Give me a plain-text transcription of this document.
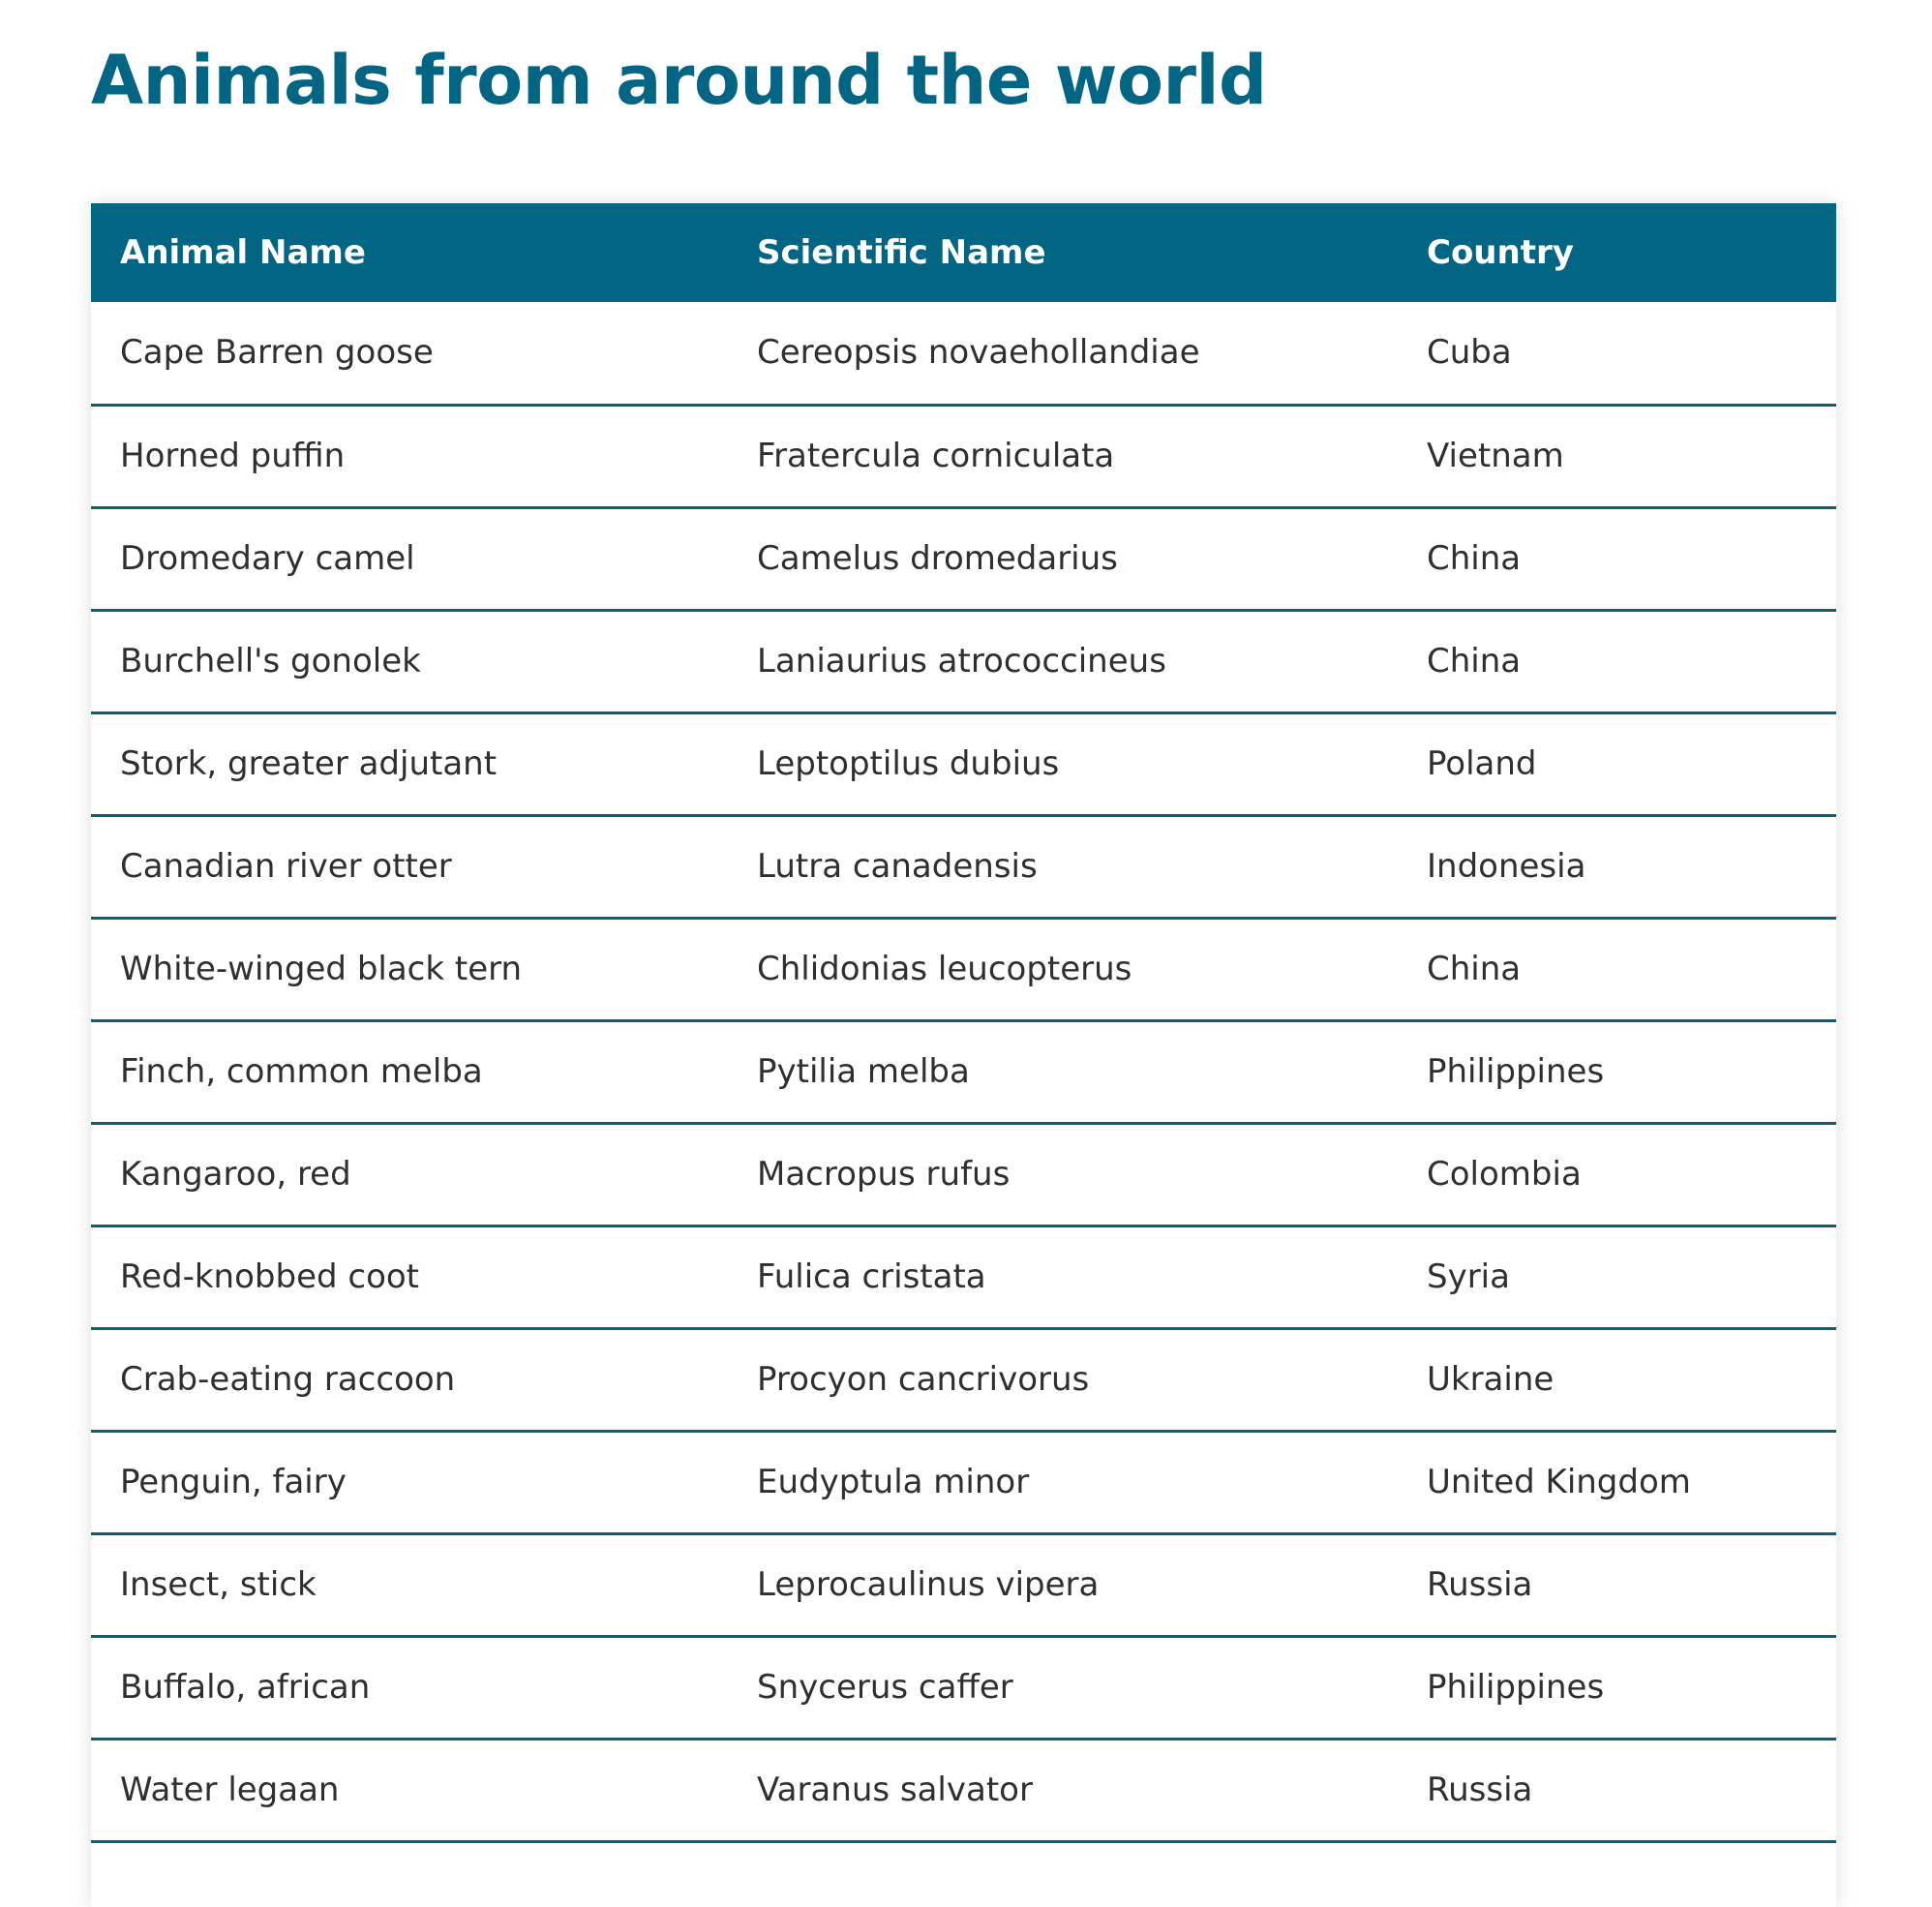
Animals from around the world
Animal Name	Scientific Name	Country
Cape Barren goose	Cereopsis novaehollandiae	Cuba
Horned puffin	Fratercula corniculata	Vietnam
Dromedary camel	Camelus dromedarius	China
Burchell's gonolek	Laniaurius atrococcineus	China
Stork, greater adjutant	Leptoptilus dubius	Poland
Canadian river otter	Lutra canadensis	Indonesia
White-winged black tern	Chlidonias leucopterus	China
Finch, common melba	Pytilia melba	Philippines
Kangaroo, red	Macropus rufus	Colombia
Red-knobbed coot	Fulica cristata	Syria
Crab-eating raccoon	Procyon cancrivorus	Ukraine
Penguin, fairy	Eudyptula minor	United Kingdom
Insect, stick	Leprocaulinus vipera	Russia
Buffalo, african	Snycerus caffer	Philippines
Water legaan	Varanus salvator	Russia
